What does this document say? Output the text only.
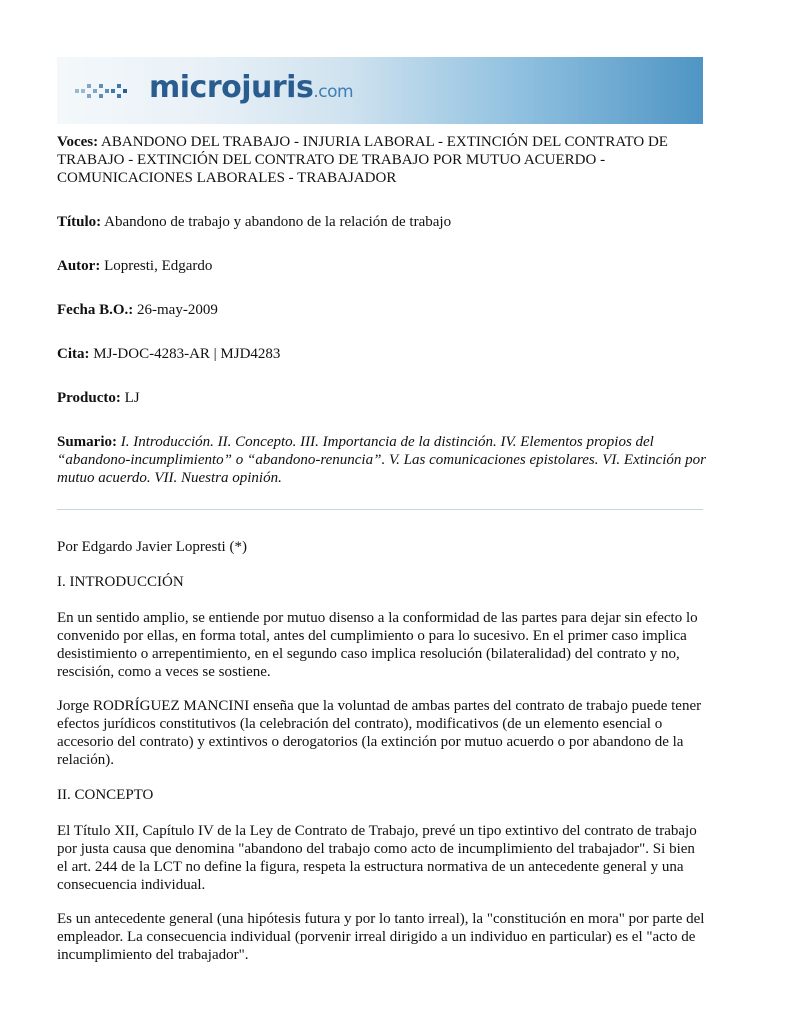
microjuris.com
Voces: ABANDONO DEL TRABAJO - INJURIA LABORAL - EXTINCIÓN DEL CONTRATO DE TRABAJO - EXTINCIÓN DEL CONTRATO DE TRABAJO POR MUTUO ACUERDO - COMUNICACIONES LABORALES - TRABAJADOR
Título: Abandono de trabajo y abandono de la relación de trabajo
Autor: Lopresti, Edgardo
Fecha B.O.: 26-may-2009
Cita: MJ-DOC-4283-AR | MJD4283
Producto: LJ
Sumario: I. Introducción. II. Concepto. III. Importancia de la distinción. IV. Elementos propios del “abandono-incumplimiento” o “abandono-renuncia”. V. Las comunicaciones epistolares. VI. Extinción por mutuo acuerdo. VII. Nuestra opinión.

Por Edgardo Javier Lopresti (*)

I. INTRODUCCIÓN

En un sentido amplio, se entiende por mutuo disenso a la conformidad de las partes para dejar sin efecto lo convenido por ellas, en forma total, antes del cumplimiento o para lo sucesivo. En el primer caso implica desistimiento o arrepentimiento, en el segundo caso implica resolución (bilateralidad) del contrato y no, rescisión, como a veces se sostiene.

Jorge RODRÍGUEZ MANCINI enseña que la voluntad de ambas partes del contrato de trabajo puede tener efectos jurídicos constitutivos (la celebración del contrato), modificativos (de un elemento esencial o accesorio del contrato) y extintivos o derogatorios (la extinción por mutuo acuerdo o por abandono de la relación).

II. CONCEPTO

El Título XII, Capítulo IV de la Ley de Contrato de Trabajo, prevé un tipo extintivo del contrato de trabajo por justa causa que denomina "abandono del trabajo como acto de incumplimiento del trabajador". Si bien el art. 244 de la LCT no define la figura, respeta la estructura normativa de un antecedente general y una consecuencia individual.

Es un antecedente general (una hipótesis futura y por lo tanto irreal), la "constitución en mora" por parte del empleador. La consecuencia individual (porvenir irreal dirigido a un individuo en particular) es el "acto de incumplimiento del trabajador".
